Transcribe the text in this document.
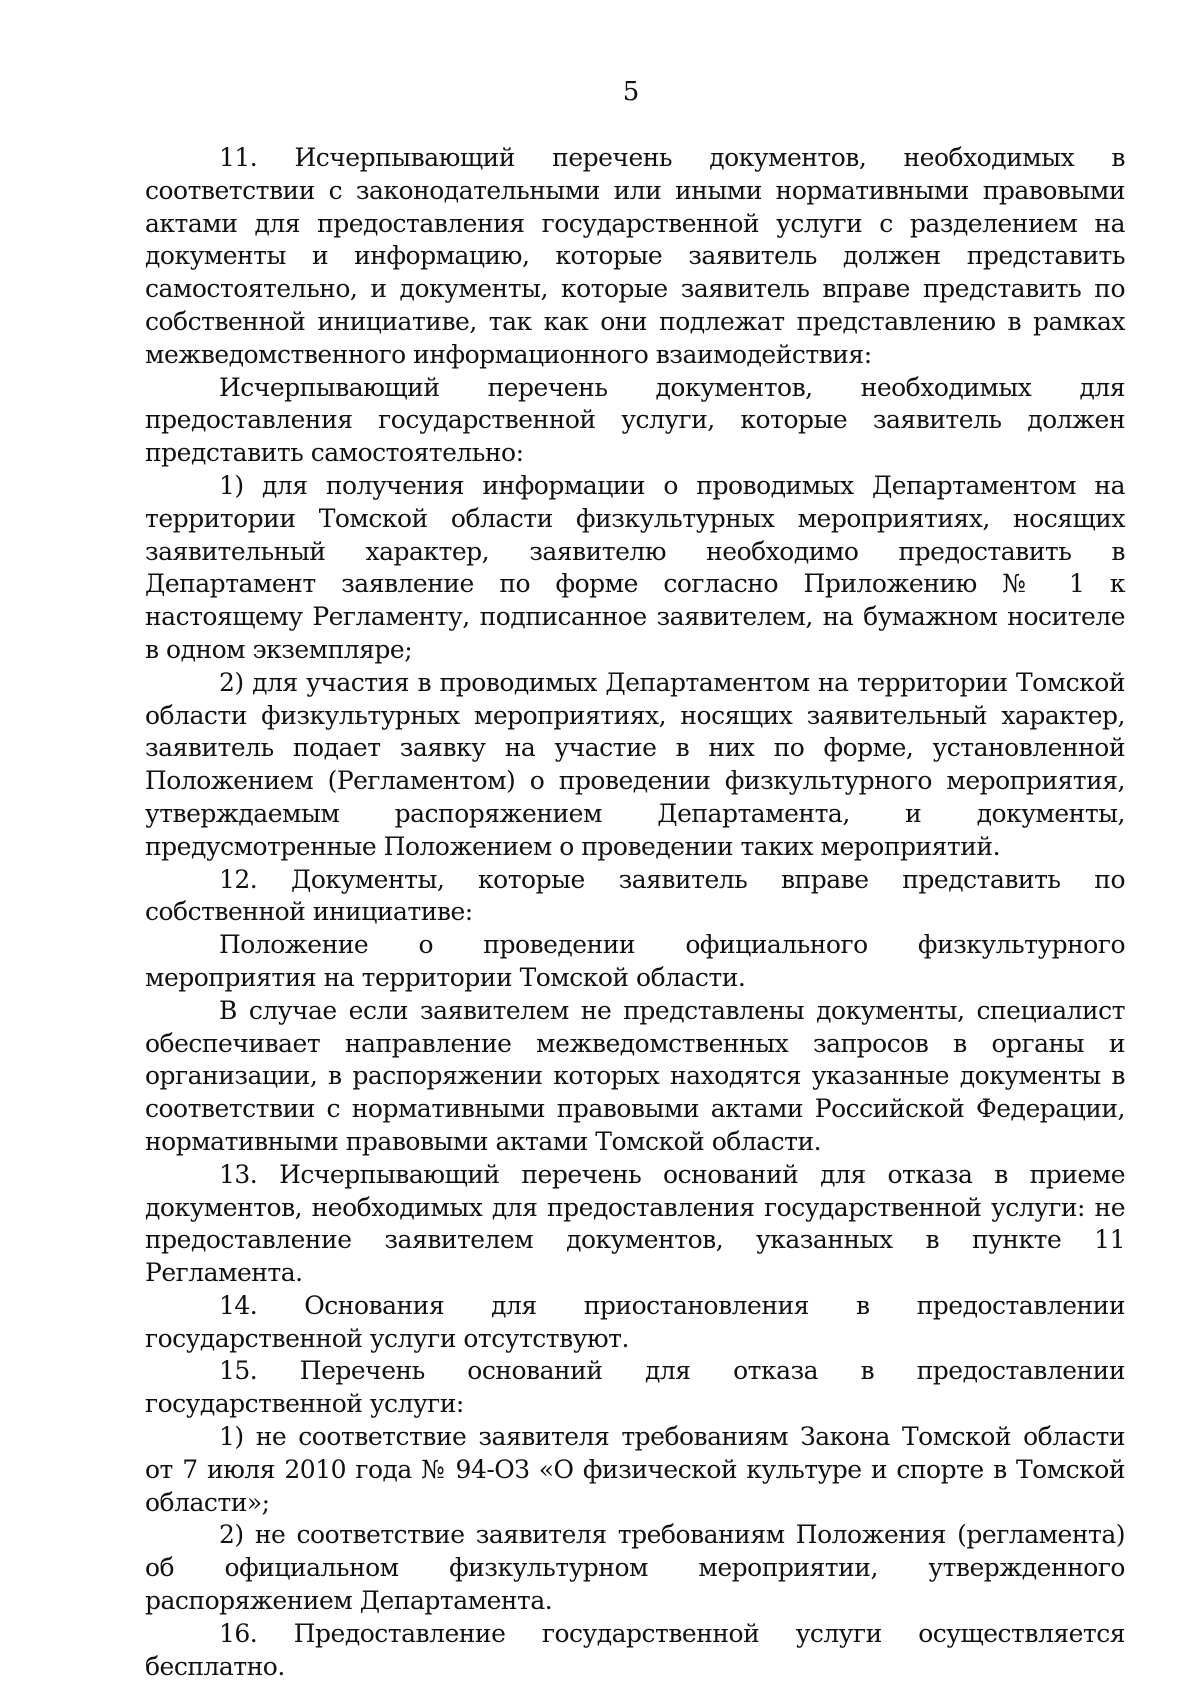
5

11. Исчерпывающий перечень документов, необходимых в соответствии с законодательными или иными нормативными правовыми актами для предоставления государственной услуги с разделением на документы и информацию, которые заявитель должен представить самостоятельно, и документы, которые заявитель вправе представить по собственной инициативе, так как они подлежат представлению в рамках межведомственного информационного взаимодействия:

Исчерпывающий перечень документов, необходимых для предоставления государственной услуги, которые заявитель должен представить самостоятельно:

1) для получения информации о проводимых Департаментом на территории Томской области физкультурных мероприятиях, носящих заявительный характер, заявителю необходимо предоставить в Департамент заявление по форме согласно Приложению № 1 к настоящему Регламенту, подписанное заявителем, на бумажном носителе в одном экземпляре;

2) для участия в проводимых Департаментом на территории Томской области физкультурных мероприятиях, носящих заявительный характер, заявитель подает заявку на участие в них по форме, установленной Положением (Регламентом) о проведении физкультурного мероприятия, утверждаемым распоряжением Департамента, и документы, предусмотренные Положением о проведении таких мероприятий.

12. Документы, которые заявитель вправе представить по собственной инициативе:

Положение о проведении официального физкультурного мероприятия на территории Томской области.

В случае если заявителем не представлены документы, специалист обеспечивает направление межведомственных запросов в органы и организации, в распоряжении которых находятся указанные документы в соответствии с нормативными правовыми актами Российской Федерации, нормативными правовыми актами Томской области.

13. Исчерпывающий перечень оснований для отказа в приеме документов, необходимых для предоставления государственной услуги: не предоставление заявителем документов, указанных в пункте 11 Регламента.

14. Основания для приостановления в предоставлении государственной услуги отсутствуют.

15. Перечень оснований для отказа в предоставлении государственной услуги:

1) не соответствие заявителя требованиям Закона Томской области от 7 июля 2010 года № 94-ОЗ «О физической культуре и спорте в Томской области»;

2) не соответствие заявителя требованиям Положения (регламента) об официальном физкультурном мероприятии, утвержденного распоряжением Департамента.

16. Предоставление государственной услуги осуществляется бесплатно.
